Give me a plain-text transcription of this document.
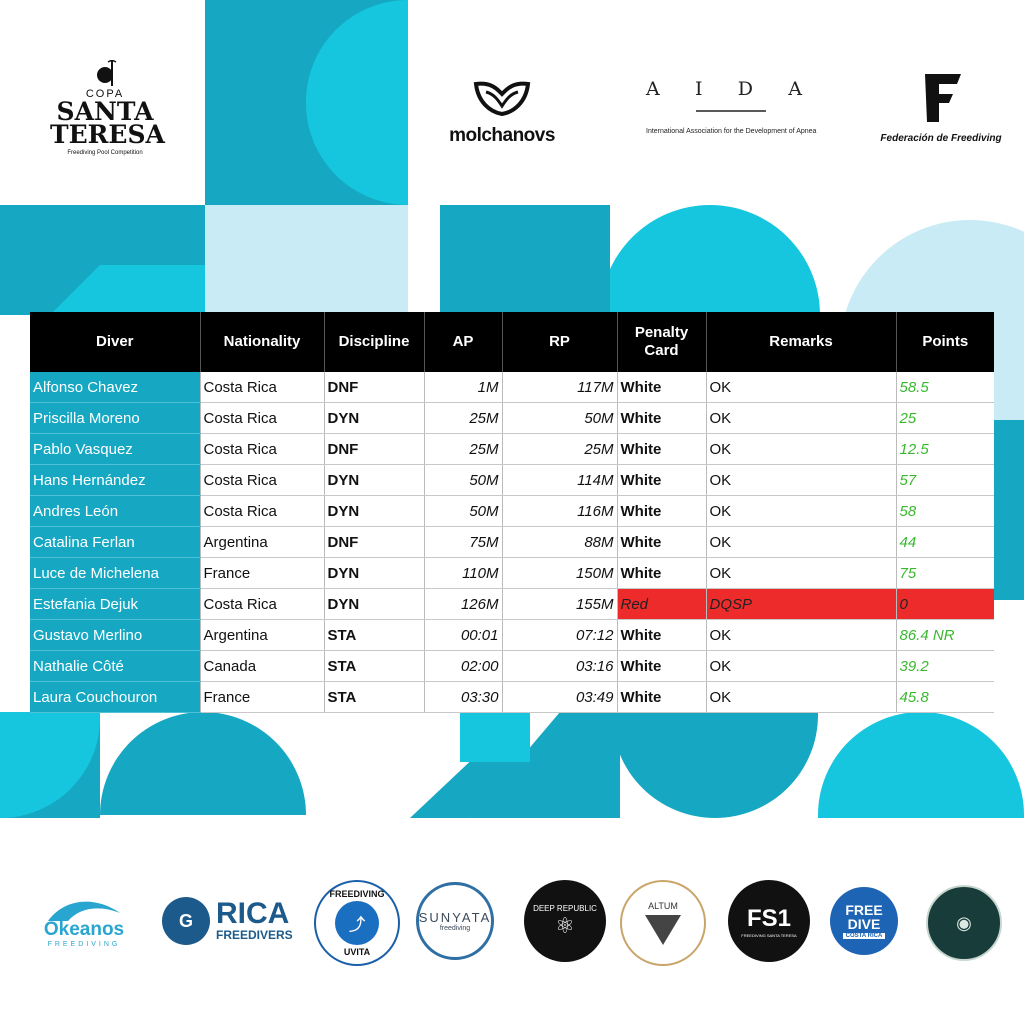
COPA
SANTA
TERESA
Freediving Pool Competition
molchanovs
A I D A
International Association for the Development of Apnea
Federación de Freediving
Diver	Nationality	Discipline	AP	RP	Penalty Card	Remarks	Points
Alfonso Chavez	Costa Rica	DNF	1M	117M	White	OK	58.5
Priscilla Moreno	Costa Rica	DYN	25M	50M	White	OK	25
Pablo Vasquez	Costa Rica	DNF	25M	25M	White	OK	12.5
Hans Hernández	Costa Rica	DYN	50M	114M	White	OK	57
Andres León	Costa Rica	DYN	50M	116M	White	OK	58
Catalina Ferlan	Argentina	DNF	75M	88M	White	OK	44
Luce de Michelena	France	DYN	110M	150M	White	OK	75
Estefania Dejuk	Costa Rica	DYN	126M	155M	Red	DQSP	0
Gustavo Merlino	Argentina	STA	00:01	07:12	White	OK	86.4 NR
Nathalie Côté	Canada	STA	02:00	03:16	White	OK	39.2
Laura Couchouron	France	STA	03:30	03:49	White	OK	45.8
Okeanos
FREEDIVING
G RICA
FREEDIVERS
FREEDIVING
⤴
UVITA
SUNYATA
freediving
DEEP REPUBLIC
⚛
ALTUM	FS1
FREEDIVING SANTA TERESA
FREE
DIVE
COSTA RICA
◉
